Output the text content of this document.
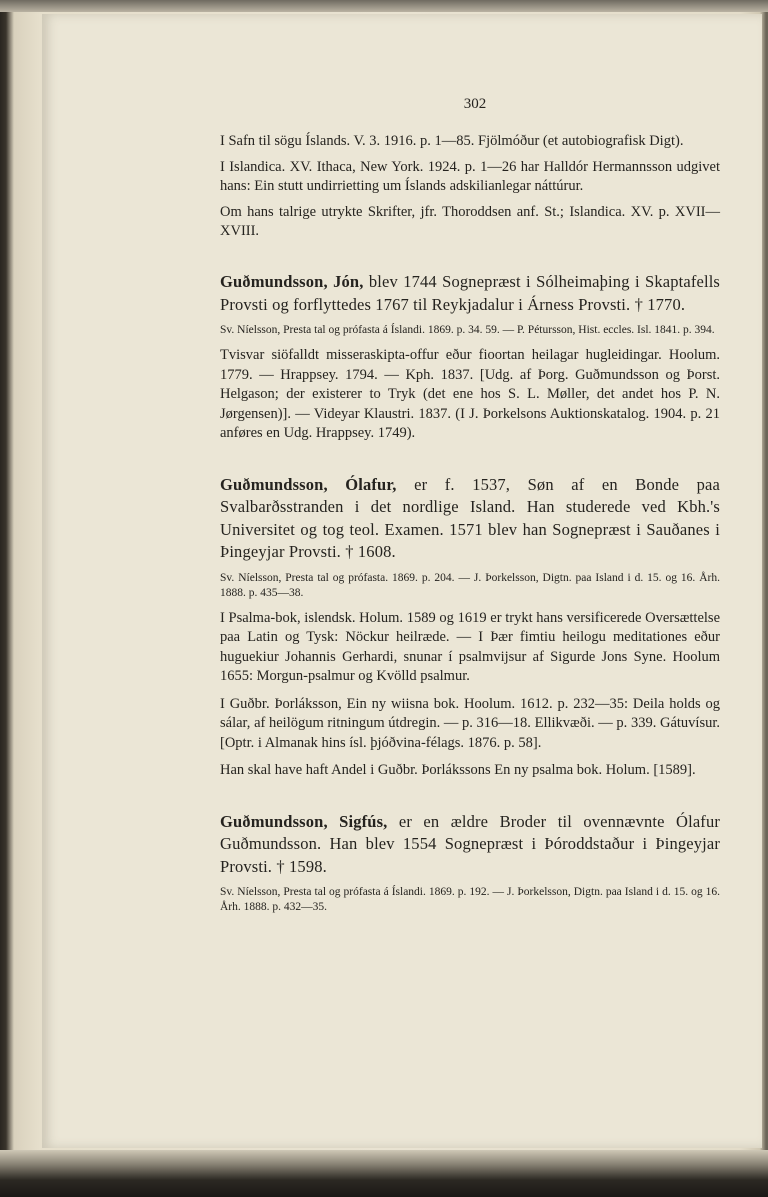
302

I Safn til sögu Íslands. V. 3. 1916. p. 1—85. Fjölmóður (et autobiografisk Digt).

I Islandica. XV. Ithaca, New York. 1924. p. 1—26 har Halldór Hermannsson udgivet hans: Ein stutt undirrietting um Íslands adskilianlegar náttúrur.

Om hans talrige utrykte Skrifter, jfr. Thoroddsen anf. St.; Islandica. XV. p. XVII—XVIII.

Guðmundsson, Jón, blev 1744 Sognepræst i Sólheimaþing i Skaptafells Provsti og forflyttedes 1767 til Reykjadalur i Árness Provsti. † 1770.

Sv. Níelsson, Presta tal og prófasta á Íslandi. 1869. p. 34. 59. — P. Pétursson, Hist. eccles. Isl. 1841. p. 394.

Tvisvar siöfalldt misseraskipta-offur eður fioortan heilagar hugleidingar. Hoolum. 1779. — Hrappsey. 1794. — Kph. 1837. [Udg. af Þorg. Guðmundsson og Þorst. Helgason; der existerer to Tryk (det ene hos S. L. Møller, det andet hos P. N. Jørgensen)]. — Videyar Klaustri. 1837. (I J. Þorkelsons Auktionskatalog. 1904. p. 21 anføres en Udg. Hrappsey. 1749).

Guðmundsson, Ólafur, er f. 1537, Søn af en Bonde paa Svalbarðsstranden i det nordlige Island. Han studerede ved Kbh.'s Universitet og tog teol. Examen. 1571 blev han Sognepræst i Sauðanes i Þingeyjar Provsti. † 1608.

Sv. Níelsson, Presta tal og prófasta. 1869. p. 204. — J. Þorkelsson, Digtn. paa Island i d. 15. og 16. Årh. 1888. p. 435—38.

I Psalma-bok, islendsk. Holum. 1589 og 1619 er trykt hans versificerede Oversættelse paa Latin og Tysk: Nöckur heilræde. — I Þær fimtiu heilogu meditationes eður huguekiur Johannis Gerhardi, snunar í psalmvijsur af Sigurde Jons Syne. Hoolum 1655: Morgun-psalmur og Kvölld psalmur.

I Guðbr. Þorláksson, Ein ny wiisna bok. Hoolum. 1612. p. 232—35: Deila holds og sálar, af heilögum ritningum útdregin. — p. 316—18. Ellikvæði. — p. 339. Gátuvísur. [Optr. i Almanak hins ísl. þjóðvina-félags. 1876. p. 58].

Han skal have haft Andel i Guðbr. Þorlákssons En ny psalma bok. Holum. [1589].

Guðmundsson, Sigfús, er en ældre Broder til ovennævnte Ólafur Guðmundsson. Han blev 1554 Sognepræst i Þóroddstaður i Þingeyjar Provsti. † 1598.

Sv. Níelsson, Presta tal og prófasta á Íslandi. 1869. p. 192. — J. Þorkelsson, Digtn. paa Island i d. 15. og 16. Årh. 1888. p. 432—35.
